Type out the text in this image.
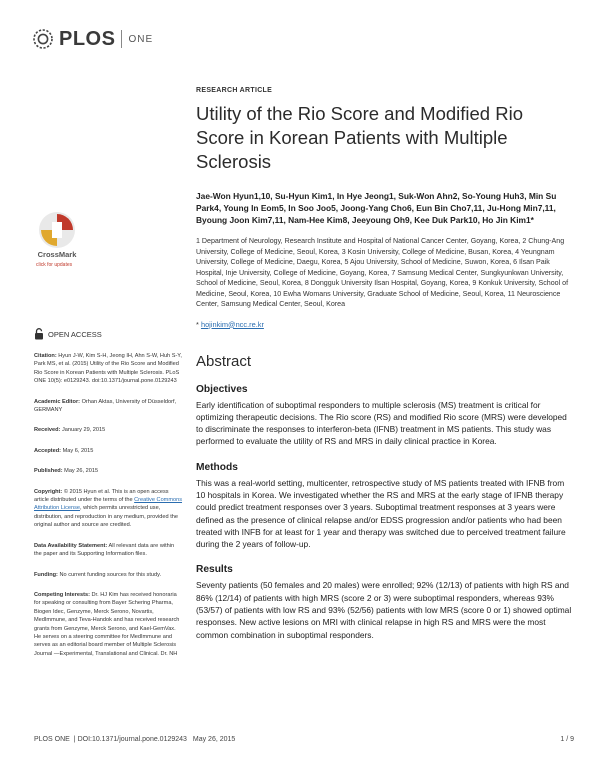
PLOS ONE
CrossMark
click for updates
OPEN ACCESS
Citation: Hyun J-W, Kim S-H, Jeong IH, Ahn S-W, Huh S-Y, Park MS, et al. (2015) Utility of the Rio Score and Modified Rio Score in Korean Patients with Multiple Sclerosis. PLoS ONE 10(5): e0129243. doi:10.1371/journal.pone.0129243
Academic Editor: Orhan Aktas, University of Düsseldorf, GERMANY
Received: January 29, 2015
Accepted: May 6, 2015
Published: May 26, 2015
Copyright: © 2015 Hyun et al. This is an open access article distributed under the terms of the Creative Commons Attribution License, which permits unrestricted use, distribution, and reproduction in any medium, provided the original author and source are credited.
Data Availability Statement: All relevant data are within the paper and its Supporting Information files.
Funding: No current funding sources for this study.
Competing Interests: Dr. HJ Kim has received honoraria for speaking or consulting from Bayer Schering Pharma, Biogen Idec, Genzyme, Merck Serono, Novartis, MedImmune, and Teva-Handok and has received research grants from Genzyme, Merck Serono, and Kael-GemVax. He serves on a steering committee for MedImmune and serves as an editorial board member of Multiple Sclerosis Journal —Experimental, Translational and Clinical. Dr. NH
RESEARCH ARTICLE
Utility of the Rio Score and Modified Rio Score in Korean Patients with Multiple Sclerosis
Jae-Won Hyun1,10, Su-Hyun Kim1, In Hye Jeong1, Suk-Won Ahn2, So-Young Huh3, Min Su Park4, Young In Eom5, In Soo Joo5, Joong-Yang Cho6, Eun Bin Cho7,11, Ju-Hong Min7,11, Byoung Joon Kim7,11, Nam-Hee Kim8, Jeeyoung Oh9, Kee Duk Park10, Ho Jin Kim1*
1 Department of Neurology, Research Institute and Hospital of National Cancer Center, Goyang, Korea, 2 Chung-Ang University, College of Medicine, Seoul, Korea, 3 Kosin University, College of Medicine, Busan, Korea, 4 Yeungnam University, College of Medicine, Daegu, Korea, 5 Ajou University, School of Medicine, Suwon, Korea, 6 Ilsan Paik Hospital, Inje University, College of Medicine, Goyang, Korea, 7 Samsung Medical Center, Sungkyunkwan University, School of Medicine, Seoul, Korea, 8 Dongguk University Ilsan Hospital, Goyang, Korea, 9 Konkuk University, School of Medicine, Seoul, Korea, 10 Ewha Womans University, Graduate School of Medicine, Seoul, Korea, 11 Neuroscience Center, Samsung Medical Center, Seoul, Korea
* hojinkim@ncc.re.kr
Abstract
Objectives
Early identification of suboptimal responders to multiple sclerosis (MS) treatment is critical for optimizing therapeutic decisions. The Rio score (RS) and modified Rio score (MRS) were developed to discriminate the responses to interferon-beta (IFNB) treatment in MS patients. This study was performed to evaluate the utility of RS and MRS in daily clinical practice in Korea.
Methods
This was a real-world setting, multicenter, retrospective study of MS patients treated with IFNB from 10 hospitals in Korea. We investigated whether the RS and MRS at the early stage of IFNB therapy could predict treatment responses over 3 years. Suboptimal treatment responses at 3 years were defined as the presence of clinical relapse and/or EDSS progression and/or patients who had been treated with INFB for at least for 1 year and therapy was switched due to perceived treatment failure during the 2 years of follow-up.
Results
Seventy patients (50 females and 20 males) were enrolled; 92% (12/13) of patients with high RS and 86% (12/14) of patients with high MRS (score 2 or 3) were suboptimal responders, whereas 93% (53/57) of patients with low RS and 93% (52/56) patients with low MRS (score 0 or 1) showed optimal responses. New active lesions on MRI with clinical relapse in high RS and MRS were the most common combination in suboptimal responders.
PLOS ONE | DOI:10.1371/journal.pone.0129243 May 26, 2015	1 / 9
